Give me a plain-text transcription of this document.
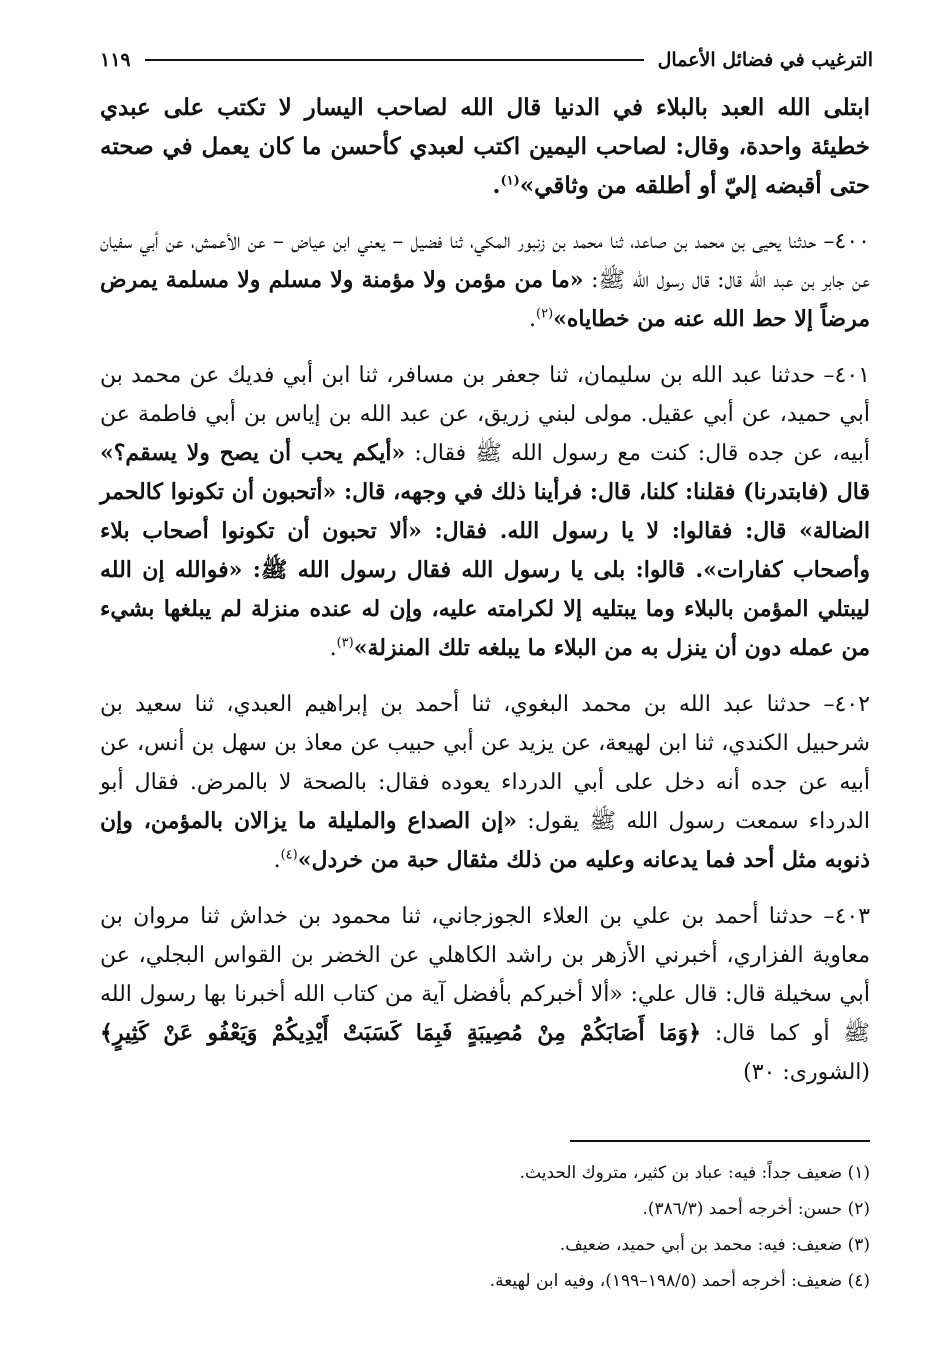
الترغيب في فضائل الأعمال
١١٩

ابتلى الله العبد بالبلاء في الدنيا قال الله لصاحب اليسار لا تكتب على عبدي خطيئة واحدة، وقال: لصاحب اليمين اكتب لعبدي كأحسن ما كان يعمل في صحته حتى أقبضه إليّ أو أطلقه من وثاقي»$^{(١)}$.

٤٠٠– حدثنا يحيى بن محمد بن صاعد، ثنا محمد بن زنبور المكي، ثنا فضيل – يعني ابن عياض – عن الأعمش، عن أبي سفيان عن جابر بن عبد الله قال: قال رسول الله ﷺ: «ما من مؤمن ولا مؤمنة ولا مسلم ولا مسلمة يمرض مرضاً إلا حط الله عنه من خطاياه»$^{(٢)}$.

٤٠١– حدثنا عبد الله بن سليمان، ثنا جعفر بن مسافر، ثنا ابن أبي فديك عن محمد بن أبي حميد، عن أبي عقيل. مولى لبني زريق، عن عبد الله بن إياس بن أبي فاطمة عن أبيه، عن جده قال: كنت مع رسول الله ﷺ فقال: «أيكم يحب أن يصح ولا يسقم؟» قال (فابتدرنا) فقلنا: كلنا، قال: فرأينا ذلك في وجهه، قال: «أتحبون أن تكونوا كالحمر الضالة» قال: فقالوا: لا يا رسول الله. فقال: «ألا تحبون أن تكونوا أصحاب بلاء وأصحاب كفارات». قالوا: بلى يا رسول الله فقال رسول الله ﷺ: «فوالله إن الله ليبتلي المؤمن بالبلاء وما يبتليه إلا لكرامته عليه، وإن له عنده منزلة لم يبلغها بشيء من عمله دون أن ينزل به من البلاء ما يبلغه تلك المنزلة»$^{(٣)}$.

٤٠٢– حدثنا عبد الله بن محمد البغوي، ثنا أحمد بن إبراهيم العبدي، ثنا سعيد بن شرحبيل الكندي، ثنا ابن لهيعة، عن يزيد عن أبي حبيب عن معاذ بن سهل بن أنس، عن أبيه عن جده أنه دخل على أبي الدرداء يعوده فقال: بالصحة لا بالمرض. فقال أبو الدرداء سمعت رسول الله ﷺ يقول: «إن الصداع والمليلة ما يزالان بالمؤمن، وإن ذنوبه مثل أحد فما يدعانه وعليه من ذلك مثقال حبة من خردل»$^{(٤)}$.

٤٠٣– حدثنا أحمد بن علي بن العلاء الجوزجاني، ثنا محمود بن خداش ثنا مروان بن معاوية الفزاري، أخبرني الأزهر بن راشد الكاهلي عن الخضر بن القواس البجلي، عن أبي سخيلة قال: قال علي: «ألا أخبركم بأفضل آية من كتاب الله أخبرنا بها رسول الله ﷺ أو كما قال: ﴿وَمَا أَصَابَكُمْ مِنْ مُصِيبَةٍ فَبِمَا كَسَبَتْ أَيْدِيكُمْ وَيَعْفُو عَنْ كَثِيرٍ﴾ (الشورى: ٣٠)

(١) ضعيف جداً: فيه: عباد بن كثير، متروك الحديث.
(٢) حسن: أخرجه أحمد (٣٨٦/٣).
(٣) ضعيف: فيه: محمد بن أبي حميد، ضعيف.
(٤) ضعيف: أخرجه أحمد (١٩٨/٥–١٩٩)، وفيه ابن لهيعة.
